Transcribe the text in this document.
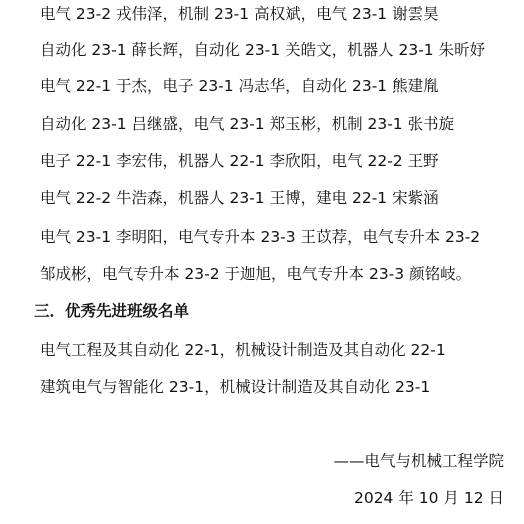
电气 23-2 戎伟泽，机制 23-1 高权斌，电气 23-1 谢雲昊
自动化 23-1 薛长辉，自动化 23-1 关皓文，机器人 23-1 朱昕妤
电气 22-1 于杰，电子 23-1 冯志华，自动化 23-1 熊建胤
自动化 23-1 吕继盛，电气 23-1 郑玉彬，机制 23-1 张书旋
电子 22-1 李宏伟，机器人 22-1 李欣阳，电气 22-2 王野
电气 22-2 牛浩森，机器人 23-1 王博，建电 22-1 宋紫涵
电气 23-1 李明阳，电气专升本 23-3 王苡荐，电气专升本 23-2
邹成彬，电气专升本 23-2 于迦旭，电气专升本 23-3 颜铭岐。
三．优秀先进班级名单
电气工程及其自动化 22-1，机械设计制造及其自动化 22-1
建筑电气与智能化 23-1，机械设计制造及其自动化 23-1
——电气与机械工程学院
2024 年 10 月 12 日
